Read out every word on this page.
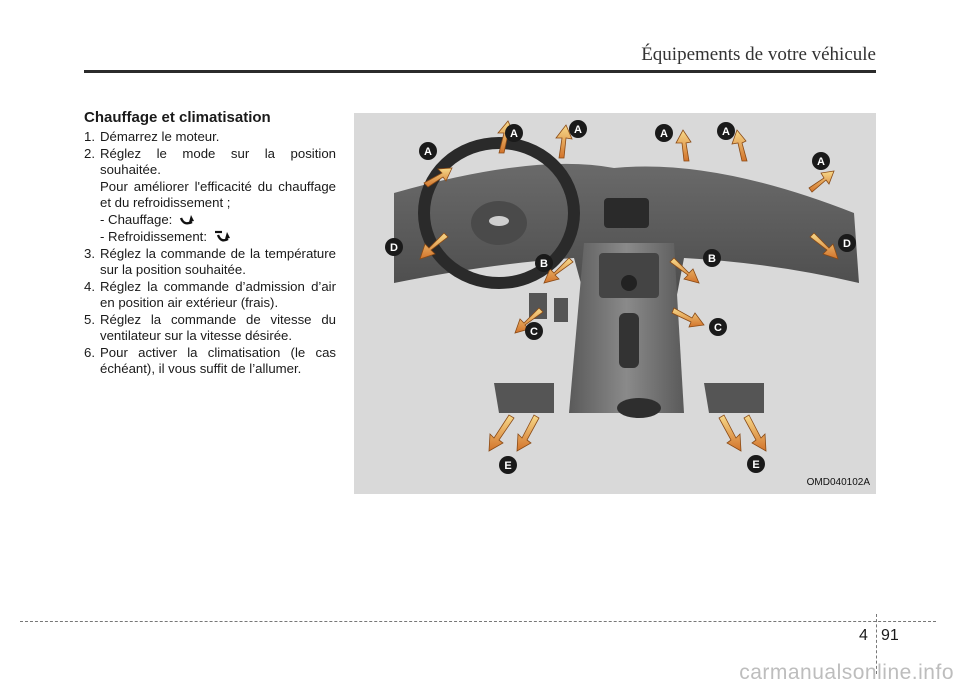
Équipements de votre véhicule
Chauffage et climatisation
1. Démarrez le moteur.
2. Réglez le mode sur la position souhaitée.
Pour améliorer l'efficacité du chauffage et du refroidissement ;
- Chauffage:
- Refroidissement:
3. Réglez la commande de la température sur la position souhaitée.
4. Réglez la commande d’admission d’air en position air extérieur (frais).
5. Réglez la commande de vitesse du ventilateur sur la vitesse désirée.
6. Pour activer la climatisation (le cas échéant), il vous suffit de l’allumer.
A
A	A	A	A
A
B	B
C	C
D	D
E	E
OMD040102A
4 91
carmanualsonline.info
